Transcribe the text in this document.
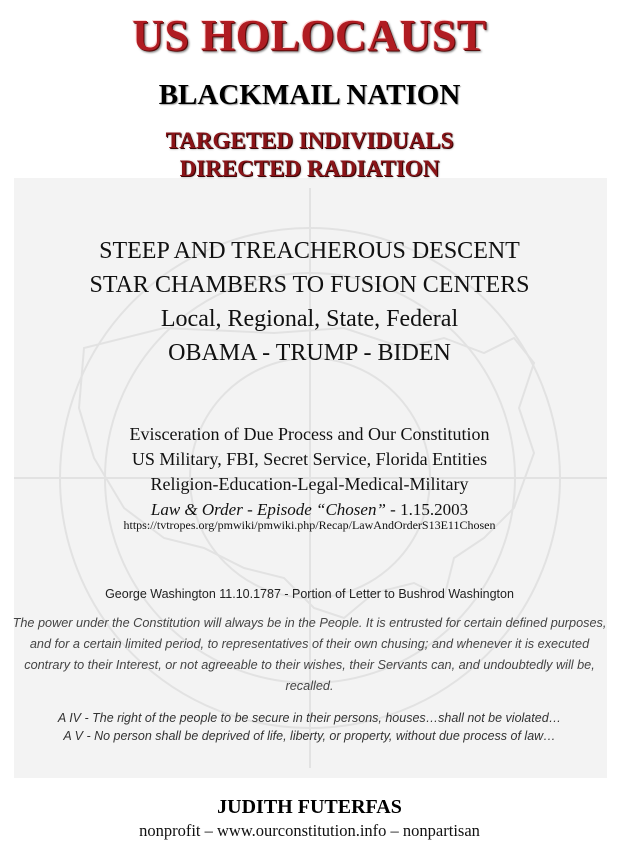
US HOLOCAUST
BLACKMAIL NATION
TARGETED INDIVIDUALS
DIRECTED RADIATION
STEEP AND TREACHEROUS DESCENT
STAR CHAMBERS TO FUSION CENTERS
Local, Regional, State, Federal
OBAMA - TRUMP - BIDEN
Evisceration of Due Process and Our Constitution
US Military, FBI, Secret Service, Florida Entities
Religion-Education-Legal-Medical-Military
Law & Order - Episode “Chosen” - 1.15.2003
https://tvtropes.org/pmwiki/pmwiki.php/Recap/LawAndOrderS13E11Chosen
George Washington 11.10.1787 - Portion of Letter to Bushrod Washington
The power under the Constitution will always be in the People. It is entrusted for certain defined purposes, and for a certain limited period, to representatives of their own chusing; and whenever it is executed contrary to their Interest, or not agreeable to their wishes, their Servants can, and undoubtedly will be, recalled.
A IV - The right of the people to be secure in their persons, houses…shall not be violated…
A V - No person shall be deprived of life, liberty, or property, without due process of law…
JUDITH FUTERFAS
nonprofit – www.ourconstitution.info – nonpartisan
